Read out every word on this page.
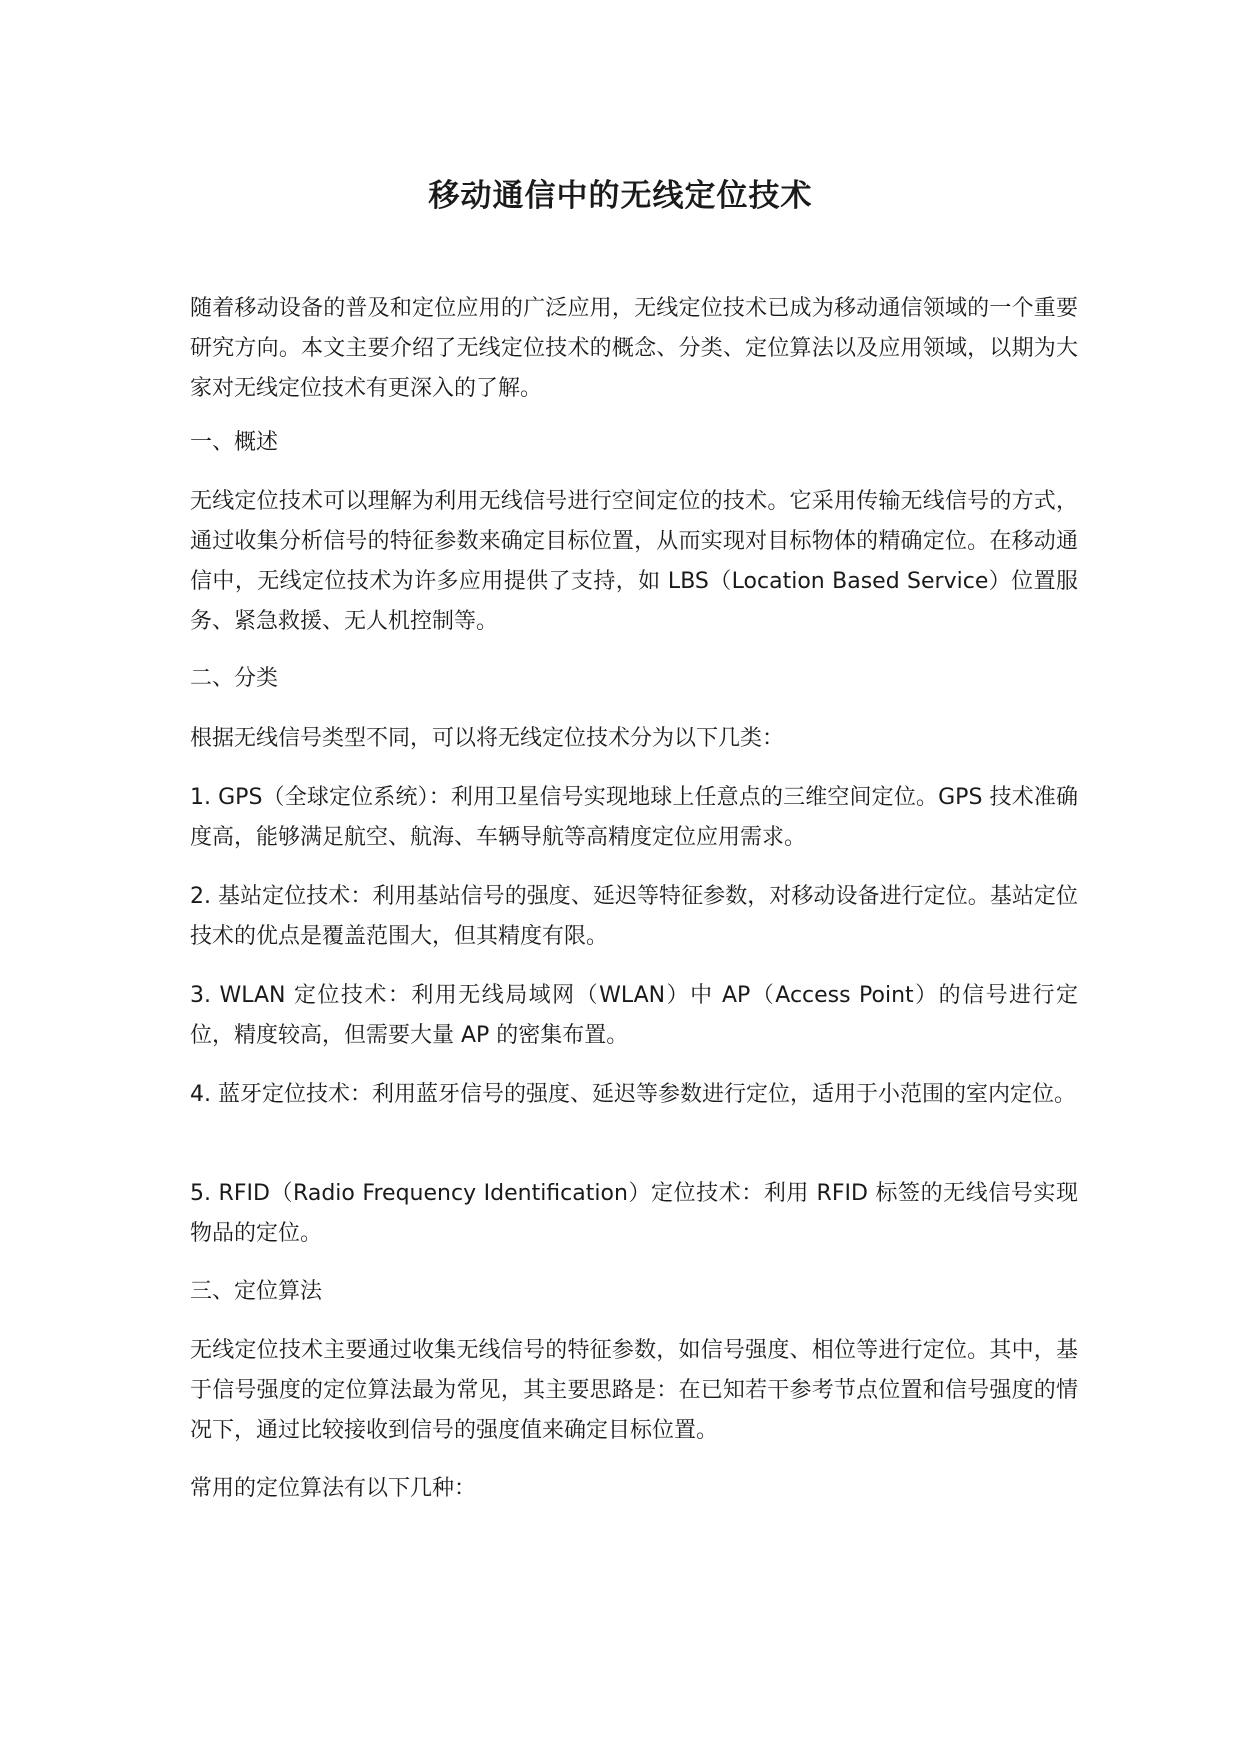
移动通信中的无线定位技术

随着移动设备的普及和定位应用的广泛应用，无线定位技术已成为移动通信领域的一个重要研究方向。本文主要介绍了无线定位技术的概念、分类、定位算法以及应用领域，以期为大家对无线定位技术有更深入的了解。

一、概述

无线定位技术可以理解为利用无线信号进行空间定位的技术。它采用传输无线信号的方式，通过收集分析信号的特征参数来确定目标位置，从而实现对目标物体的精确定位。在移动通信中，无线定位技术为许多应用提供了支持，如 LBS（Location Based Service）位置服务、紧急救援、无人机控制等。

二、分类

根据无线信号类型不同，可以将无线定位技术分为以下几类：

1. GPS（全球定位系统）：利用卫星信号实现地球上任意点的三维空间定位。GPS 技术准确度高，能够满足航空、航海、车辆导航等高精度定位应用需求。

2. 基站定位技术：利用基站信号的强度、延迟等特征参数，对移动设备进行定位。基站定位技术的优点是覆盖范围大，但其精度有限。

3. WLAN 定位技术：利用无线局域网（WLAN）中 AP（Access Point）的信号进行定位，精度较高，但需要大量 AP 的密集布置。

4. 蓝牙定位技术：利用蓝牙信号的强度、延迟等参数进行定位，适用于小范围的室内定位。

5. RFID（Radio Frequency Identification）定位技术：利用 RFID 标签的无线信号实现物品的定位。

三、定位算法

无线定位技术主要通过收集无线信号的特征参数，如信号强度、相位等进行定位。其中，基于信号强度的定位算法最为常见，其主要思路是：在已知若干参考节点位置和信号强度的情况下，通过比较接收到信号的强度值来确定目标位置。

常用的定位算法有以下几种：
